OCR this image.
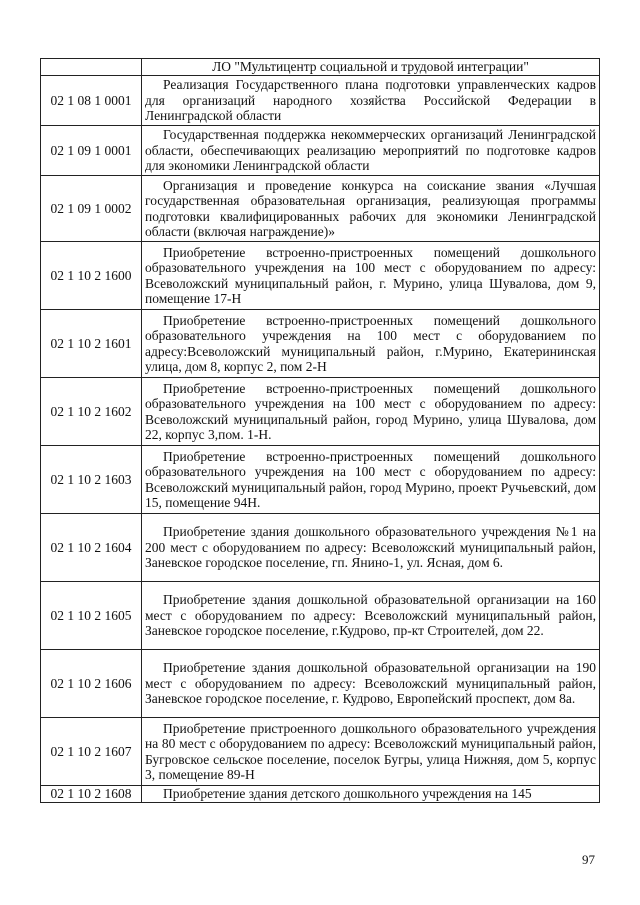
	ЛО "Мультицентр социальной и трудовой интеграции"

02 1 08 1 0001	Реализация Государственного плана подготовки управленческих кадров для организаций народного хозяйства Российской Федерации в Ленинградской области

02 1 09 1 0001	Государственная поддержка некоммерческих организаций Ленинградской области, обеспечивающих реализацию мероприятий по подготовке кадров для экономики Ленинградской области

02 1 09 1 0002	Организация и проведение конкурса на соискание звания «Лучшая государственная образовательная организация, реализующая программы подготовки квалифицированных рабочих для экономики Ленинградской области (включая награждение)»

02 1 10 2 1600	Приобретение встроенно-пристроенных помещений дошкольного образовательного учреждения на 100 мест с оборудованием по адресу: Всеволожский муниципальный район, г. Мурино, улица Шувалова, дом 9, помещение 17-Н

02 1 10 2 1601	Приобретение встроенно-пристроенных помещений дошкольного образовательного учреждения на 100 мест с оборудованием по адресу:Всеволожский муниципальный район, г.Мурино, Екатерининская улица, дом 8, корпус 2, пом 2-Н

02 1 10 2 1602	Приобретение встроенно-пристроенных помещений дошкольного образовательного учреждения на 100 мест с оборудованием по адресу: Всеволожский муниципальный район, город Мурино, улица Шувалова, дом 22, корпус 3,пом. 1-Н.

02 1 10 2 1603	Приобретение встроенно-пристроенных помещений дошкольного образовательного учреждения на 100 мест с оборудованием по адресу: Всеволожский муниципальный район, город Мурино, проект Ручьевский, дом 15, помещение 94Н.

02 1 10 2 1604	Приобретение здания дошкольного образовательного учреждения №1 на 200 мест с оборудованием по адресу: Всеволожский муниципальный район, Заневское городское поселение, гп. Янино-1, ул. Ясная, дом 6.

02 1 10 2 1605	Приобретение здания дошкольной образовательной организации на 160 мест с оборудованием по адресу: Всеволожский муниципальный район, Заневское городское поселение, г.Кудрово, пр-кт Строителей, дом 22.

02 1 10 2 1606	Приобретение здания дошкольной образовательной организации на 190 мест с оборудованием по адресу: Всеволожский муниципальный район, Заневское городское поселение, г. Кудрово, Европейский проспект, дом 8а.

02 1 10 2 1607	Приобретение пристроенного дошкольного образовательного учреждения на 80 мест с оборудованием по адресу: Всеволожский муниципальный район, Бугровское сельское поселение, поселок Бугры, улица Нижняя, дом 5, корпус 3, помещение 89-Н

02 1 10 2 1608	Приобретение здания детского дошкольного учреждения на 145
97
